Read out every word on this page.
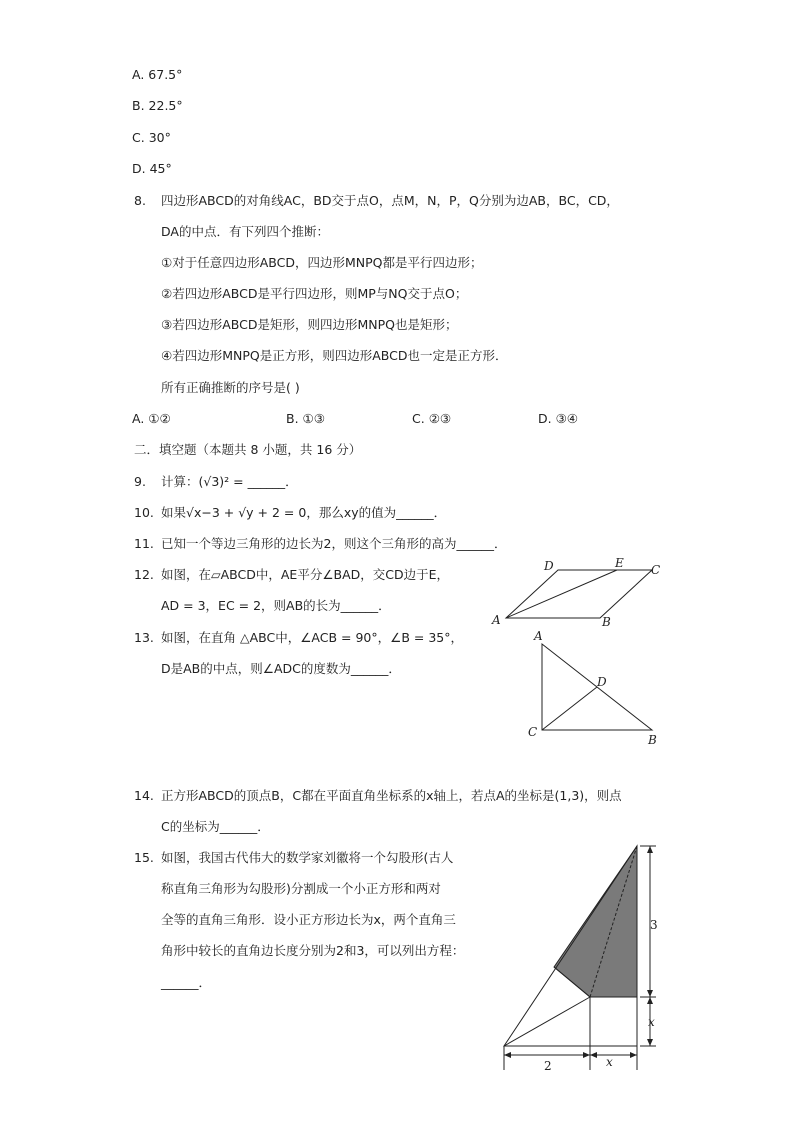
A. 67.5°
B. 22.5°
C. 30°
D. 45°
8. 四边形ABCD的对角线AC，BD交于点O，点M，N，P，Q分别为边AB，BC，CD，
DA的中点．有下列四个推断：
①对于任意四边形ABCD，四边形MNPQ都是平行四边形；
②若四边形ABCD是平行四边形，则MP与NQ交于点O；
③若四边形ABCD是矩形，则四边形MNPQ也是矩形；
④若四边形MNPQ是正方形，则四边形ABCD也一定是正方形．
所有正确推断的序号是( )
A. ①②	B. ①③	C. ②③	D. ③④
二．填空题（本题共 8 小题，共 16 分）
9. 计算：(√3)² = ______．
10. 如果√x−3 + √y + 2 = 0，那么xy的值为______．
11. 已知一个等边三角形的边长为2，则这个三角形的高为______．
12. 如图，在▱ABCD中，AE平分∠BAD，交CD边于E，
AD = 3，EC = 2，则AB的长为______．
A	B
C
D	E
13. 如图，在直角 △ABC中，∠ACB = 90°，∠B = 35°，
D是AB的中点，则∠ADC的度数为______．
A
B
C
D
14. 正方形ABCD的顶点B，C都在平面直角坐标系的x轴上，若点A的坐标是(1,3)，则点
C的坐标为______．
15. 如图，我国古代伟大的数学家刘徽将一个勾股形(古人
称直角三角形为勾股形)分割成一个小正方形和两对
全等的直角三角形．设小正方形边长为x，两个直角三
角形中较长的直角边长度分别为2和3，可以列出方程：
______．
3
x
2	x
